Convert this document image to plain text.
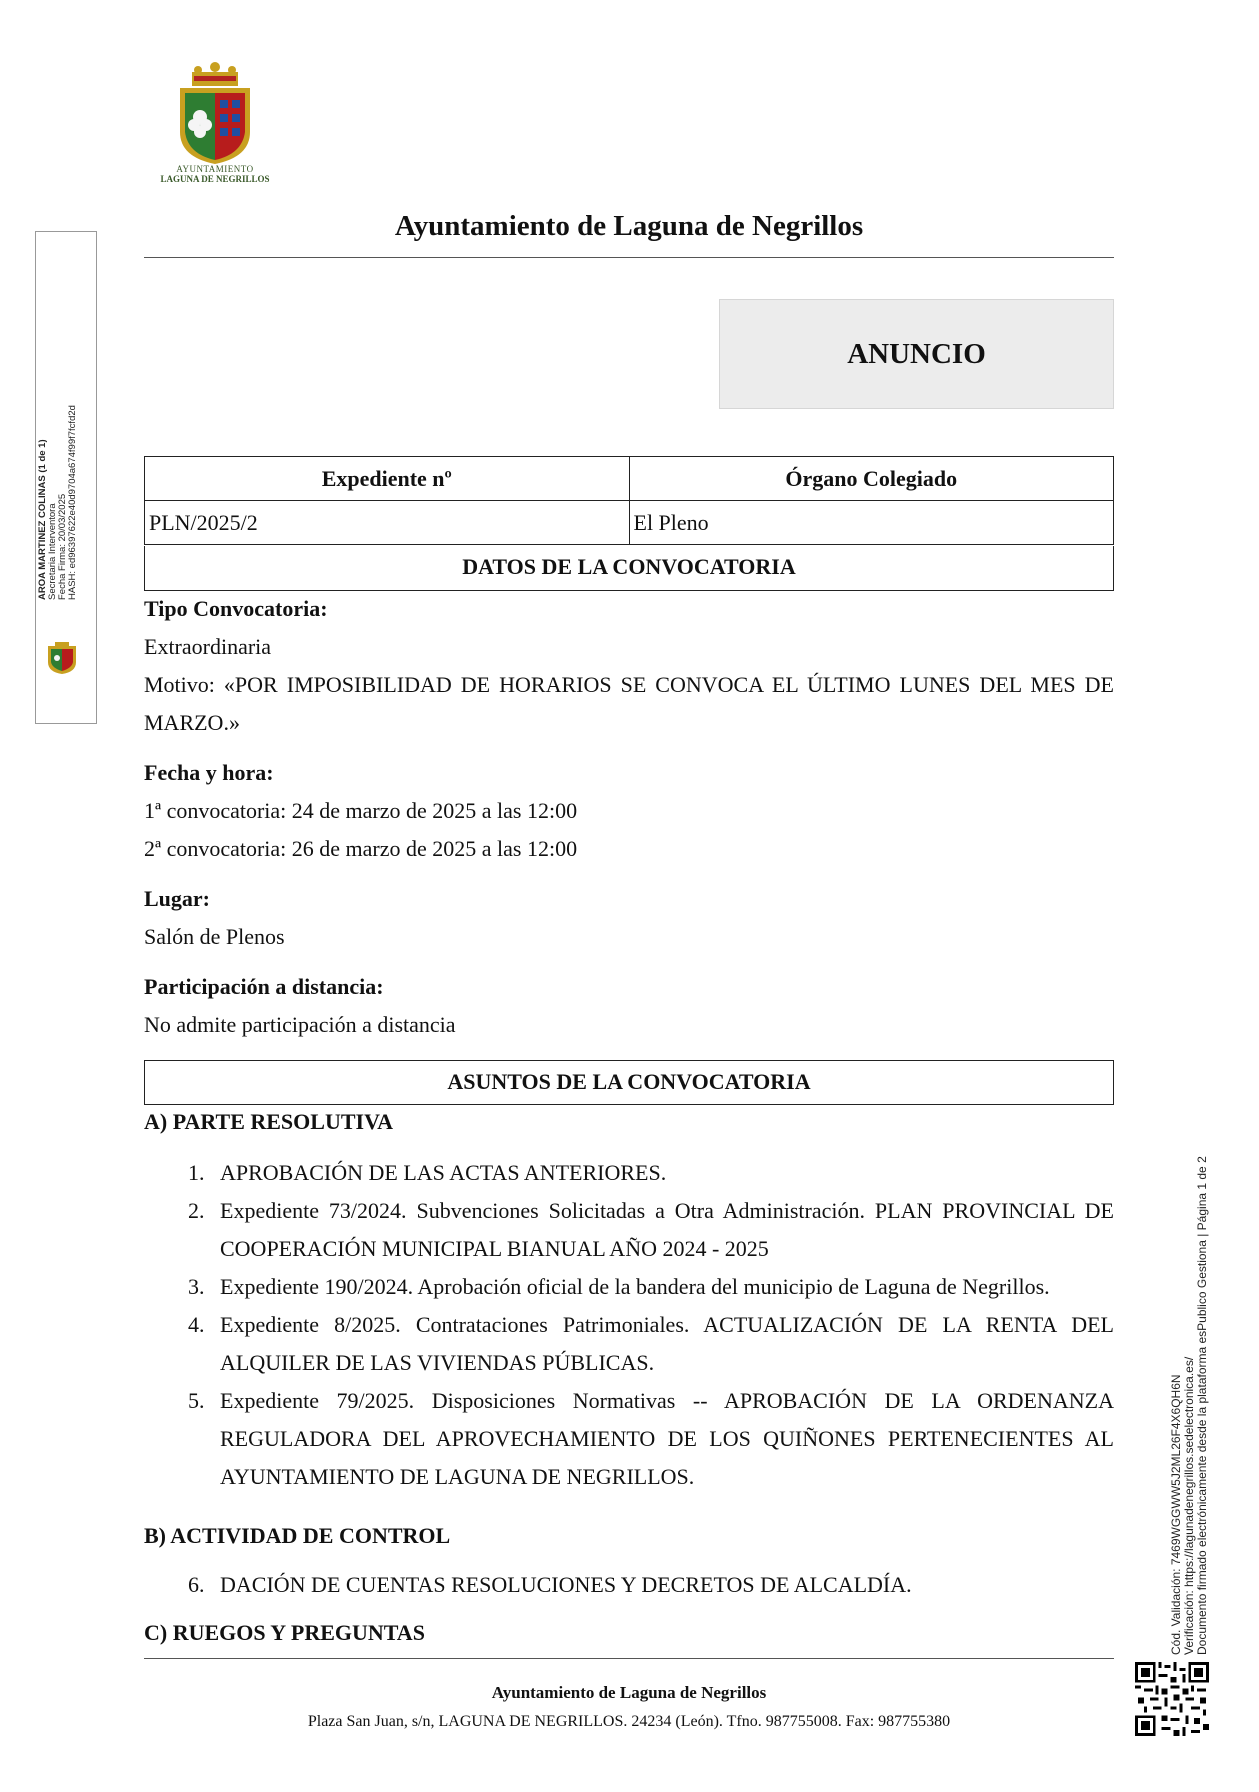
AYUNTAMIENTO
LAGUNA DE NEGRILLOS
Ayuntamiento de Laguna de Negrillos
ANUNCIO
Expediente nº	Órgano Colegiado
PLN/2025/2	El Pleno
DATOS DE LA CONVOCATORIA
Tipo Convocatoria:
Extraordinaria
Motivo: «POR IMPOSIBILIDAD DE HORARIOS SE CONVOCA EL ÚLTIMO LUNES DEL MES DE MARZO.»
Fecha y hora:
1ª convocatoria: 24 de marzo de 2025 a las 12:00
2ª convocatoria: 26 de marzo de 2025 a las 12:00
Lugar:
Salón de Plenos
Participación a distancia:
No admite participación a distancia
ASUNTOS DE LA CONVOCATORIA
A) PARTE RESOLUTIVA
1. APROBACIÓN DE LAS ACTAS ANTERIORES.
2. Expediente 73/2024. Subvenciones Solicitadas a Otra Administración. PLAN PROVINCIAL DE COOPERACIÓN MUNICIPAL BIANUAL AÑO 2024 - 2025
3. Expediente 190/2024. Aprobación oficial de la bandera del municipio de Laguna de Negrillos.
4. Expediente 8/2025. Contrataciones Patrimoniales. ACTUALIZACIÓN DE LA RENTA DEL ALQUILER DE LAS VIVIENDAS PÚBLICAS.
5. Expediente 79/2025. Disposiciones Normativas -- APROBACIÓN DE LA ORDENANZA REGULADORA DEL APROVECHAMIENTO DE LOS QUIÑONES PERTENECIENTES AL AYUNTAMIENTO DE LAGUNA DE NEGRILLOS.
B) ACTIVIDAD DE CONTROL
6. DACIÓN DE CUENTAS RESOLUCIONES Y DECRETOS DE ALCALDÍA.
C) RUEGOS Y PREGUNTAS
Ayuntamiento de Laguna de Negrillos
Plaza San Juan, s/n, LAGUNA DE NEGRILLOS. 24234 (León). Tfno. 987755008. Fax: 987755380
AROA MARTINEZ COLINAS (1 de 1) Secretaria Interventora Fecha Firma: 20/03/2025 HASH: ed96397622e40d9704a674f99f7fcfd2d
Cód. Validación: 7469WGGWW5J2ML26F4X6QH6N Verificación: https://lagunadenegrillos.sedelectronica.es/ Documento firmado electrónicamente desde la plataforma esPublico Gestiona | Página 1 de 2
